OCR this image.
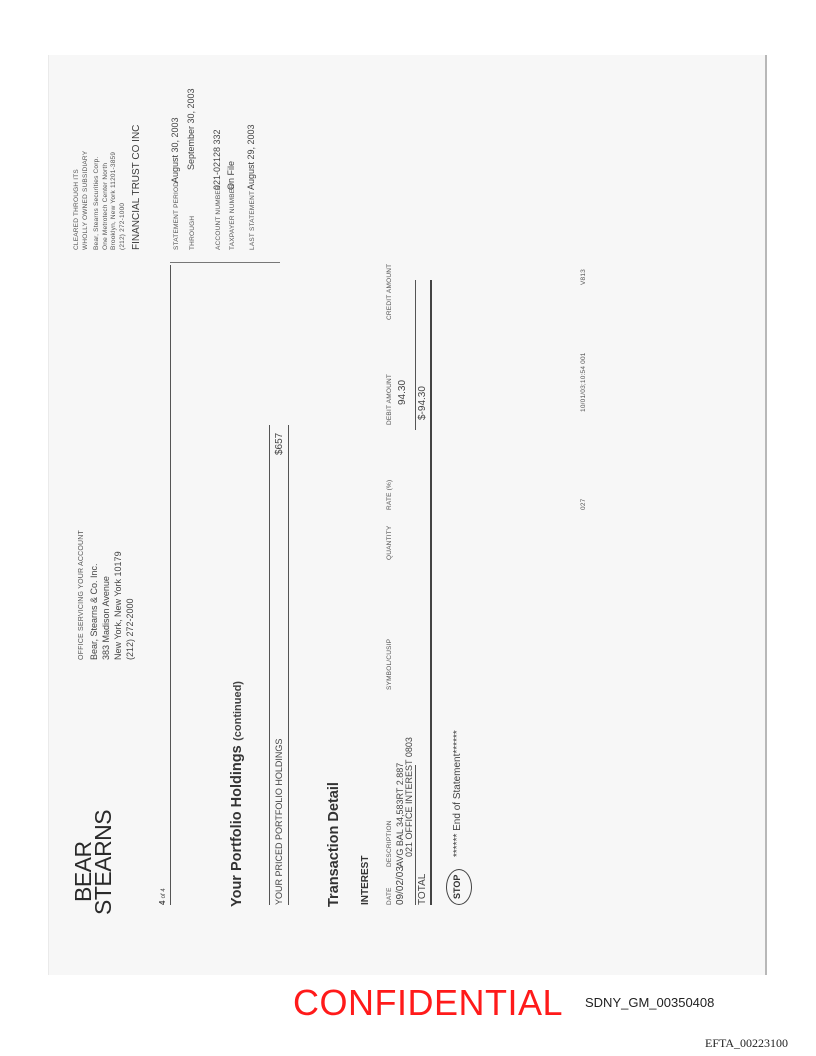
BEAR
STEARNS
OFFICE SERVICING YOUR ACCOUNT Bear, Stearns & Co. Inc. 383 Madison Avenue New York, New York 10179 (212) 272-2000
CLEARED THROUGH ITS WHOLLY OWNED SUBSIDIARY Bear, Stearns Securities Corp. One Metrotech Center North Brooklyn, New York 11201-3859 (212) 272-1000 FINANCIAL TRUST CO INC
4 of 4
STATEMENT PERIOD
August 30, 2003
THROUGH
September 30, 2003
ACCOUNT NUMBER
021-02128 332
TAXPAYER NUMBER
On File
LAST STATEMENT
August 29, 2003
Your Portfolio Holdings (continued)
YOUR PRICED PORTFOLIO HOLDINGS
$657
Transaction Detail INTEREST DATE
DESCRIPTION
SYMBOL/CUSIP
QUANTITY
RATE (%)
DEBIT AMOUNT
CREDIT AMOUNT
09/02/03
AVG BAL 34,583RT 2.887 021 OFFICE INTEREST 0803
94.30
TOTAL
$-94.30
STOP
****** End of Statement******
027
10/01/03;10:54 001
V813
CONFIDENTIAL SDNY_GM_00350408
EFTA_00223100
